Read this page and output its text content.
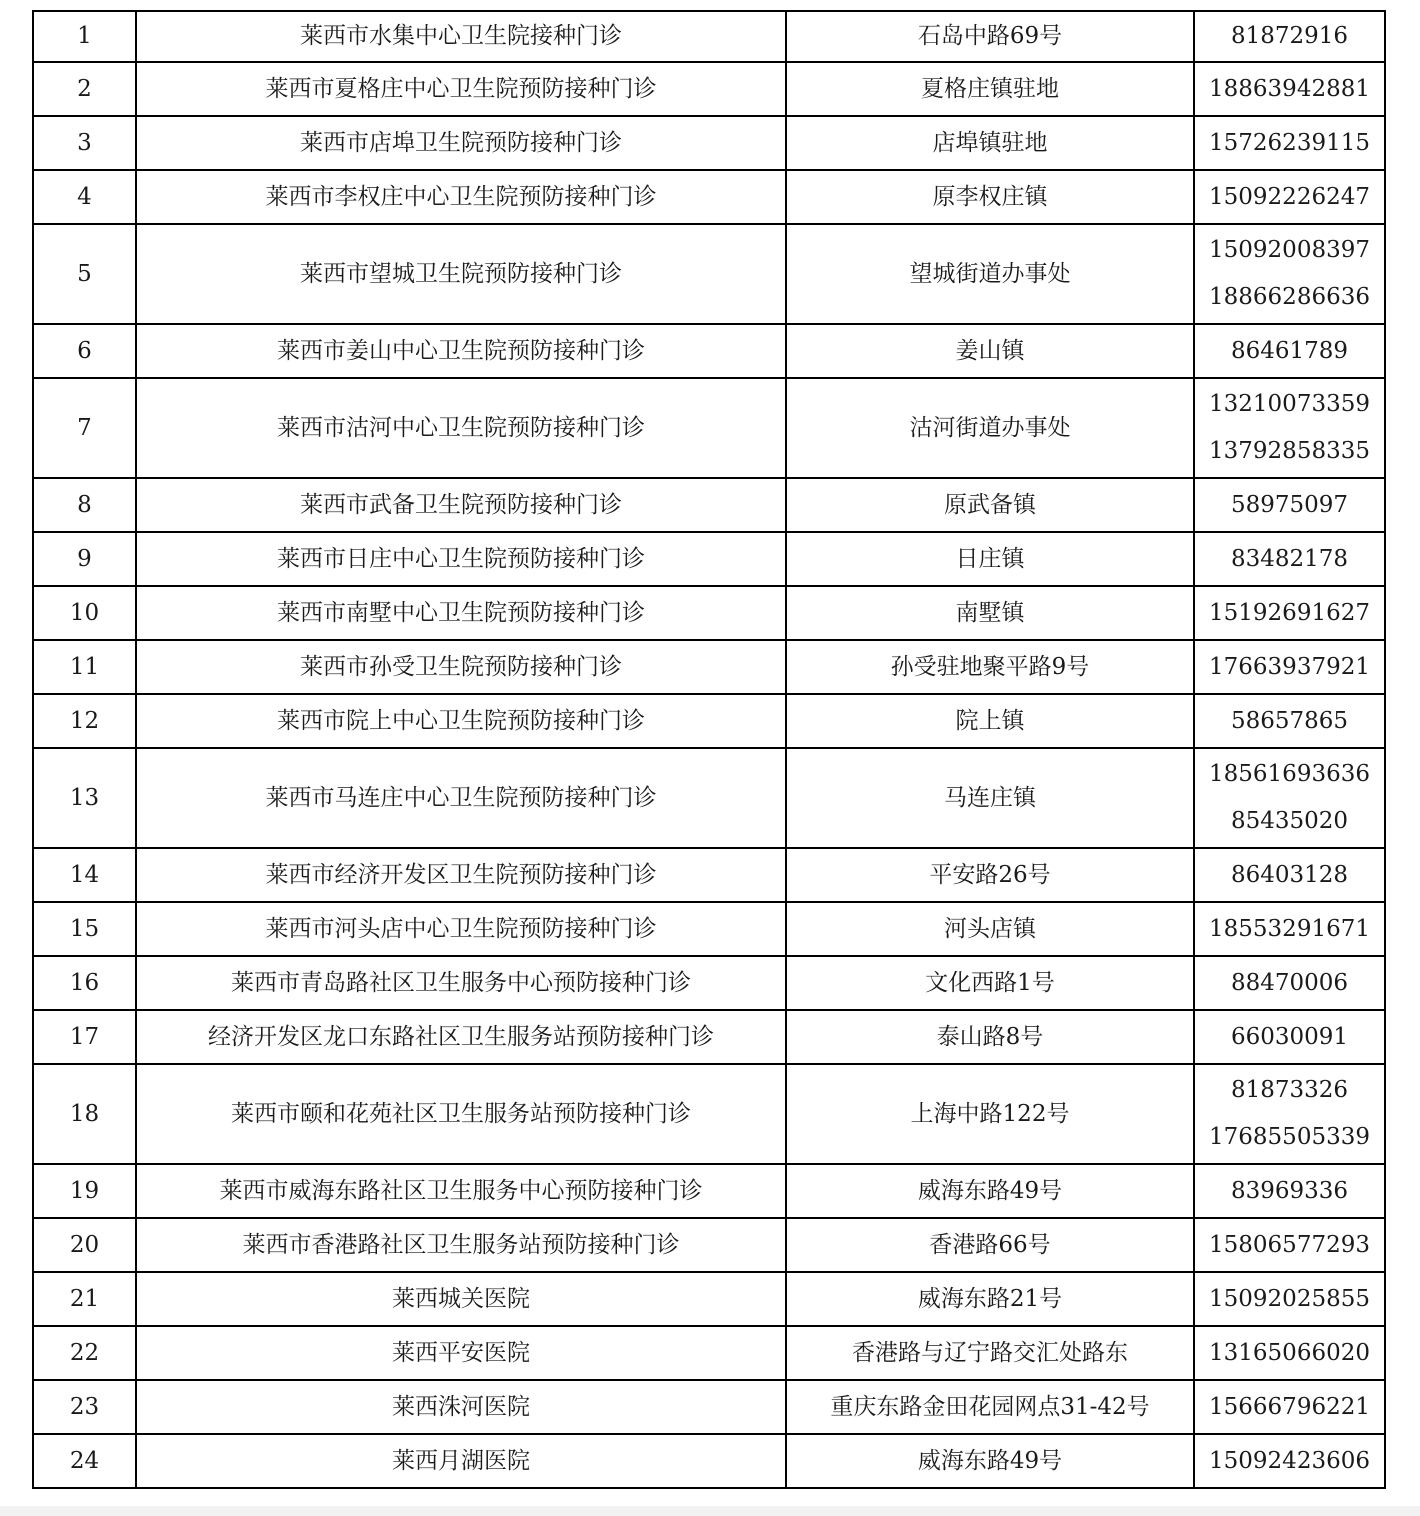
1	莱西市水集中心卫生院接种门诊	石岛中路69号	81872916

2	莱西市夏格庄中心卫生院预防接种门诊	夏格庄镇驻地	18863942881

3	莱西市店埠卫生院预防接种门诊	店埠镇驻地	15726239115

4	莱西市李权庄中心卫生院预防接种门诊	原李权庄镇	15092226247

5	莱西市望城卫生院预防接种门诊	望城街道办事处	15092008397
18866286636

6	莱西市姜山中心卫生院预防接种门诊	姜山镇	86461789

7	莱西市沽河中心卫生院预防接种门诊	沽河街道办事处	13210073359
13792858335

8	莱西市武备卫生院预防接种门诊	原武备镇	58975097

9	莱西市日庄中心卫生院预防接种门诊	日庄镇	83482178

10	莱西市南墅中心卫生院预防接种门诊	南墅镇	15192691627

11	莱西市孙受卫生院预防接种门诊	孙受驻地聚平路9号	17663937921

12	莱西市院上中心卫生院预防接种门诊	院上镇	58657865

13	莱西市马连庄中心卫生院预防接种门诊	马连庄镇	18561693636
85435020

14	莱西市经济开发区卫生院预防接种门诊	平安路26号	86403128

15	莱西市河头店中心卫生院预防接种门诊	河头店镇	18553291671

16	莱西市青岛路社区卫生服务中心预防接种门诊	文化西路1号	88470006

17	经济开发区龙口东路社区卫生服务站预防接种门诊	泰山路8号	66030091

18	莱西市颐和花苑社区卫生服务站预防接种门诊	上海中路122号	81873326
17685505339

19	莱西市威海东路社区卫生服务中心预防接种门诊	威海东路49号	83969336

20	莱西市香港路社区卫生服务站预防接种门诊	香港路66号	15806577293

21	莱西城关医院	威海东路21号	15092025855

22	莱西平安医院	香港路与辽宁路交汇处路东	13165066020

23	莱西洙河医院	重庆东路金田花园网点31-42号	15666796221

24	莱西月湖医院	威海东路49号	15092423606
